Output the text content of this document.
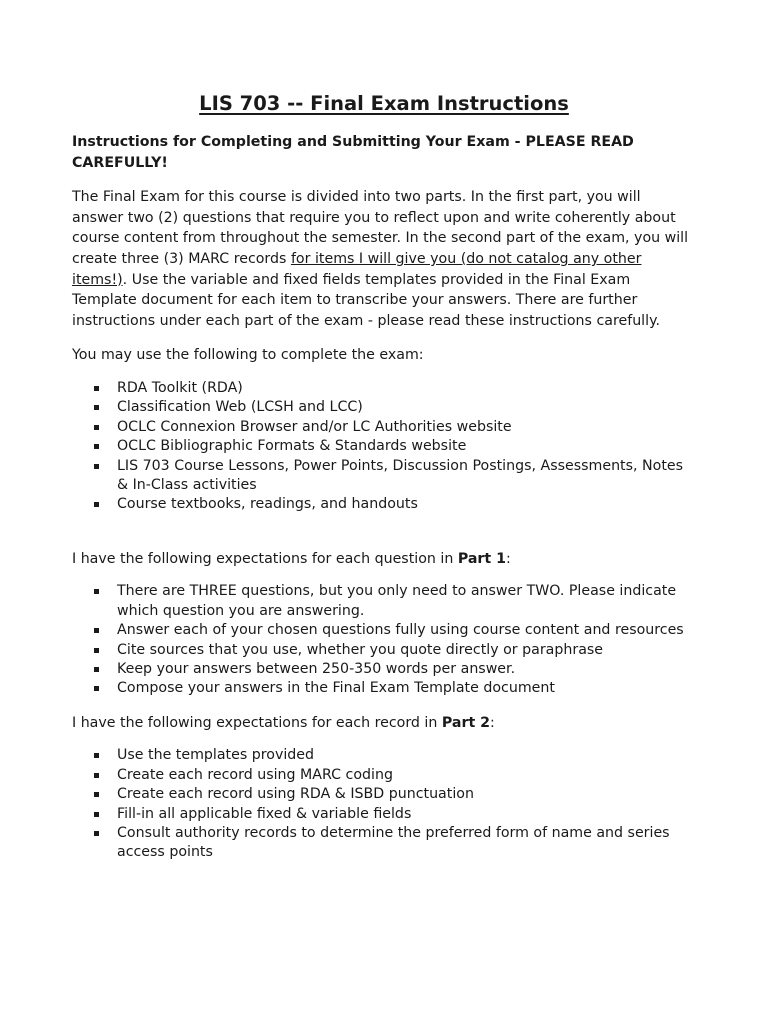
LIS 703 -- Final Exam Instructions

Instructions for Completing and Submitting Your Exam - PLEASE READ CAREFULLY!

The Final Exam for this course is divided into two parts. In the first part, you will answer two (2) questions that require you to reflect upon and write coherently about course content from throughout the semester. In the second part of the exam, you will create three (3) MARC records for items I will give you (do not catalog any other items!). Use the variable and fixed fields templates provided in the Final Exam Template document for each item to transcribe your answers. There are further instructions under each part of the exam - please read these instructions carefully.

You may use the following to complete the exam:

RDA Toolkit (RDA)
Classification Web (LCSH and LCC)
OCLC Connexion Browser and/or LC Authorities website
OCLC Bibliographic Formats & Standards website
LIS 703 Course Lessons, Power Points, Discussion Postings, Assessments, Notes & In-Class activities
Course textbooks, readings, and handouts

I have the following expectations for each question in Part 1:

There are THREE questions, but you only need to answer TWO. Please indicate which question you are answering.
Answer each of your chosen questions fully using course content and resources
Cite sources that you use, whether you quote directly or paraphrase
Keep your answers between 250-350 words per answer.
Compose your answers in the Final Exam Template document

I have the following expectations for each record in Part 2:

Use the templates provided
Create each record using MARC coding
Create each record using RDA & ISBD punctuation
Fill-in all applicable fixed & variable fields
Consult authority records to determine the preferred form of name and series access points
